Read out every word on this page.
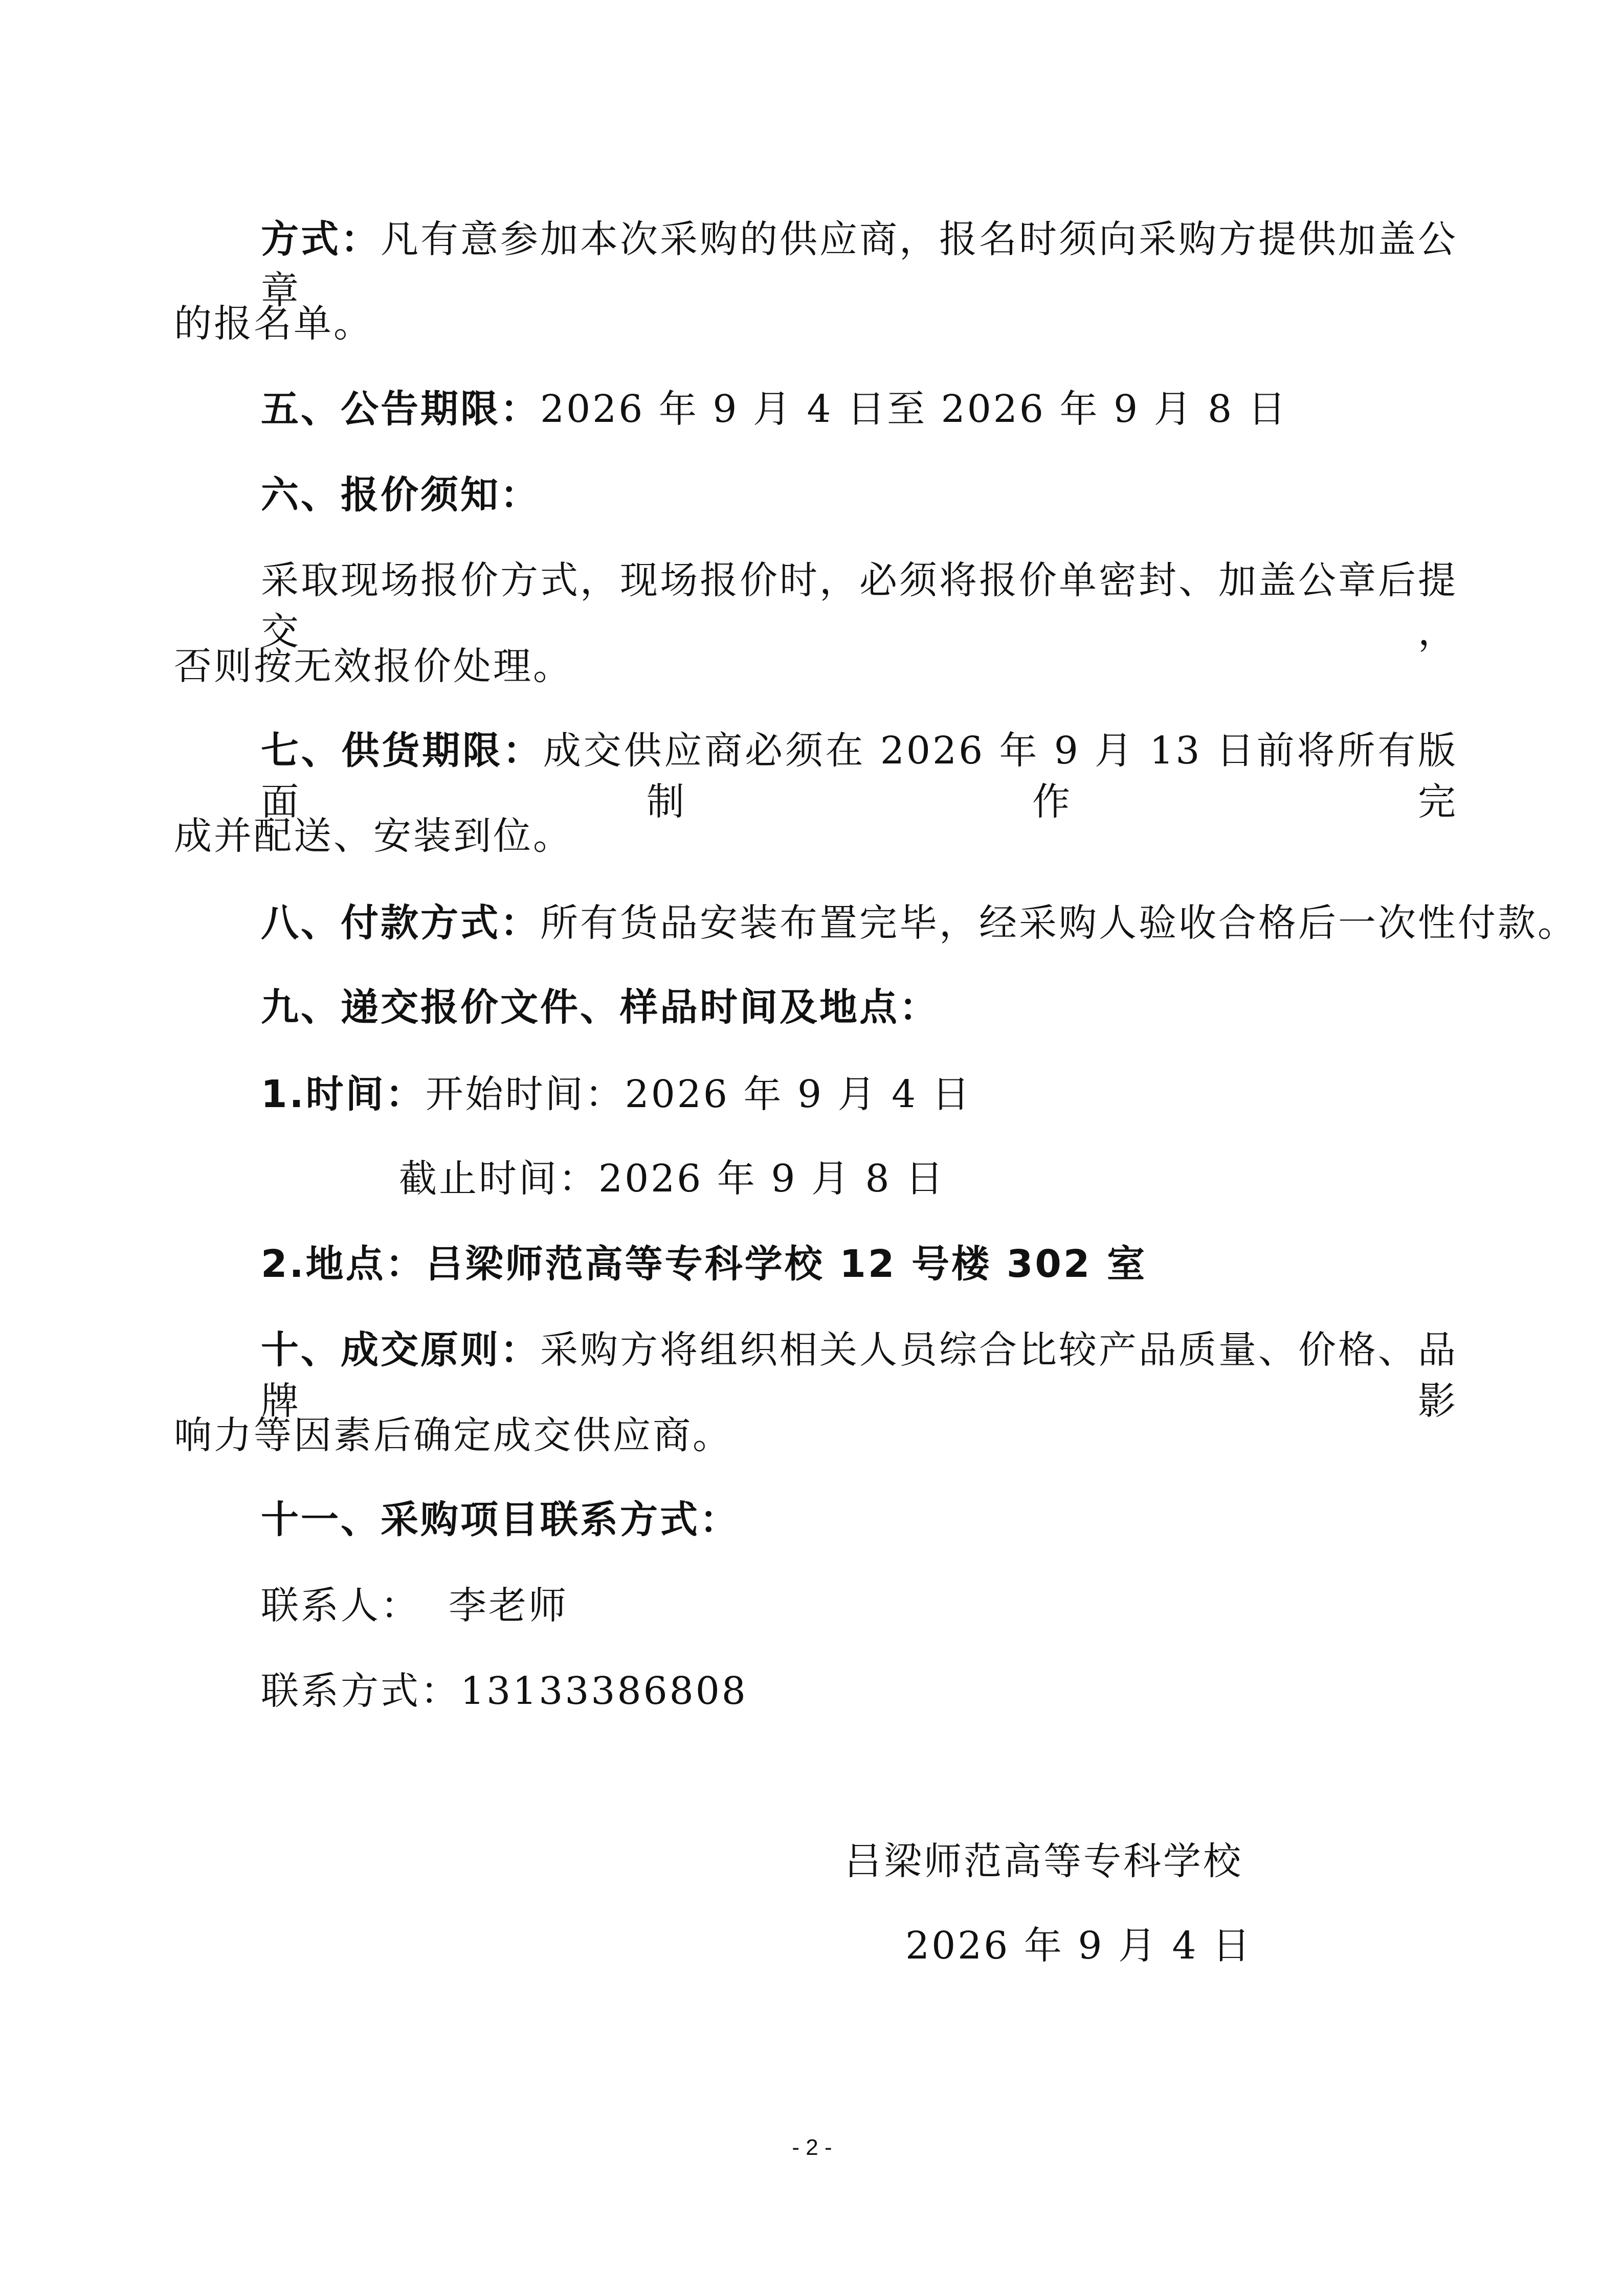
方式：凡有意参加本次采购的供应商，报名时须向采购方提供加盖公章
的报名单。
五、公告期限：2026 年 9 月 4 日至 2026 年 9 月 8 日
六、报价须知：
采取现场报价方式，现场报价时，必须将报价单密封、加盖公章后提交，
否则按无效报价处理。
七、供货期限：成交供应商必须在 2026 年 9 月 13 日前将所有版面制作完
成并配送、安装到位。
八、付款方式：所有货品安装布置完毕，经采购人验收合格后一次性付款。
九、递交报价文件、样品时间及地点：
1.时间：开始时间：2026 年 9 月 4 日
截止时间：2026 年 9 月 8 日
2.地点：吕梁师范高等专科学校 12 号楼 302 室
十、成交原则：采购方将组织相关人员综合比较产品质量、价格、品牌影
响力等因素后确定成交供应商。
十一、采购项目联系方式：
联系人：  李老师
联系方式：13133386808
吕梁师范高等专科学校
2026 年 9 月 4 日
- 2 -
